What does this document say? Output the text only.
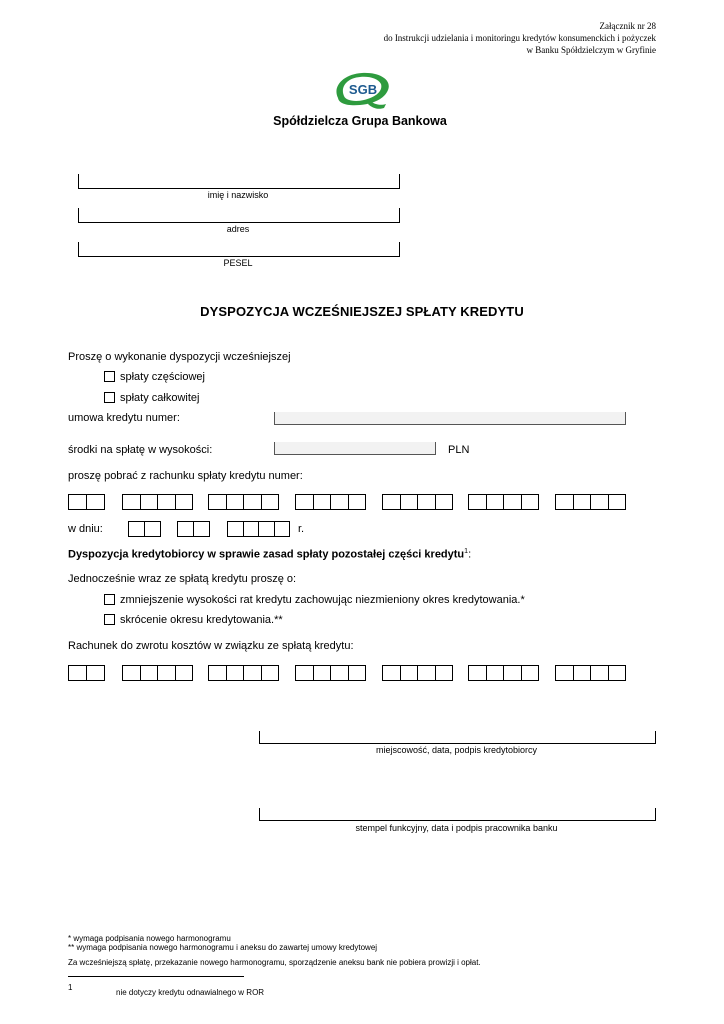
Załącznik nr 28
do Instrukcji udzielania i monitoringu kredytów konsumenckich i pożyczek
w Banku Spółdzielczym w Gryfinie
SGB
Spółdzielcza Grupa Bankowa
imię i nazwisko
adres
PESEL
DYSPOZYCJA WCZEŚNIEJSZEJ SPŁATY KREDYTU
Proszę o wykonanie dyspozycji wcześniejszej
spłaty częściowej
spłaty całkowitej
umowa kredytu numer:
środki na spłatę w wysokości:	PLN
proszę pobrać z rachunku spłaty kredytu numer:
w dniu:	r.
Dyspozycja kredytobiorcy w sprawie zasad spłaty pozostałej części kredytu$^1$:
Jednocześnie wraz ze spłatą kredytu proszę o:
zmniejszenie wysokości rat kredytu zachowując niezmieniony okres kredytowania.*
skrócenie okresu kredytowania.**
Rachunek do zwrotu kosztów w związku ze spłatą kredytu:
miejscowość, data, podpis kredytobiorcy
stempel funkcyjny, data i podpis pracownika banku
* wymaga podpisania nowego harmonogramu
** wymaga podpisania nowego harmonogramu i aneksu do zawartej umowy kredytowej
Za wcześniejszą spłatę, przekazanie nowego harmonogramu, sporządzenie aneksu bank nie pobiera prowizji i opłat.
1
nie dotyczy kredytu odnawialnego w ROR
